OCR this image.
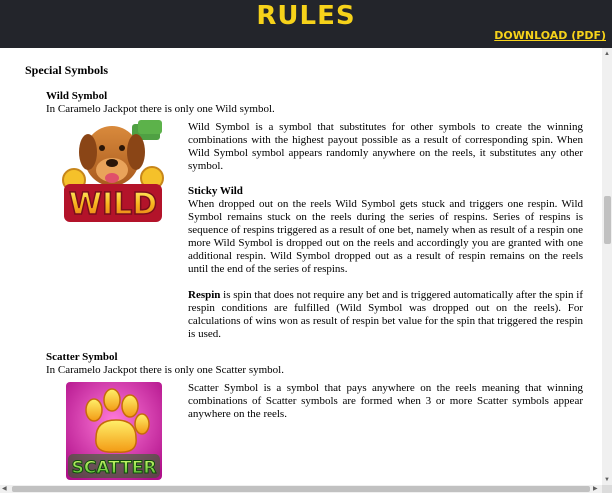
RULES
DOWNLOAD (PDF)
Special Symbols
Wild Symbol
In Caramelo Jackpot there is only one Wild symbol.
WILD

Wild Symbol is a symbol that substitutes for other symbols to create the winning combinations with the highest payout possible as a result of corresponding spin. When Wild Symbol symbol appears randomly anywhere on the reels, it substitutes any other symbol.

Sticky Wild

When dropped out on the reels Wild Symbol gets stuck and triggers one respin. Wild Symbol remains stuck on the reels during the series of respins. Series of respins is sequence of respins triggered as a result of one bet, namely when as result of a respin one more Wild Symbol is dropped out on the reels and accordingly you are granted with one additional respin. Wild Symbol dropped out as a result of respin remains on the reels until the end of the series of respins.

Respin is spin that does not require any bet and is triggered automatically after the spin if respin conditions are fulfilled (Wild Symbol was dropped out on the reels). For calculations of wins won as result of respin bet value for the spin that triggered the respin is used.

Scatter Symbol
In Caramelo Jackpot there is only one Scatter symbol.
SCATTER

Scatter Symbol is a symbol that pays anywhere on the reels meaning that winning combinations of Scatter symbols are formed when 3 or more Scatter symbols appear anywhere on the reels.

▲
▼
◀	▶
